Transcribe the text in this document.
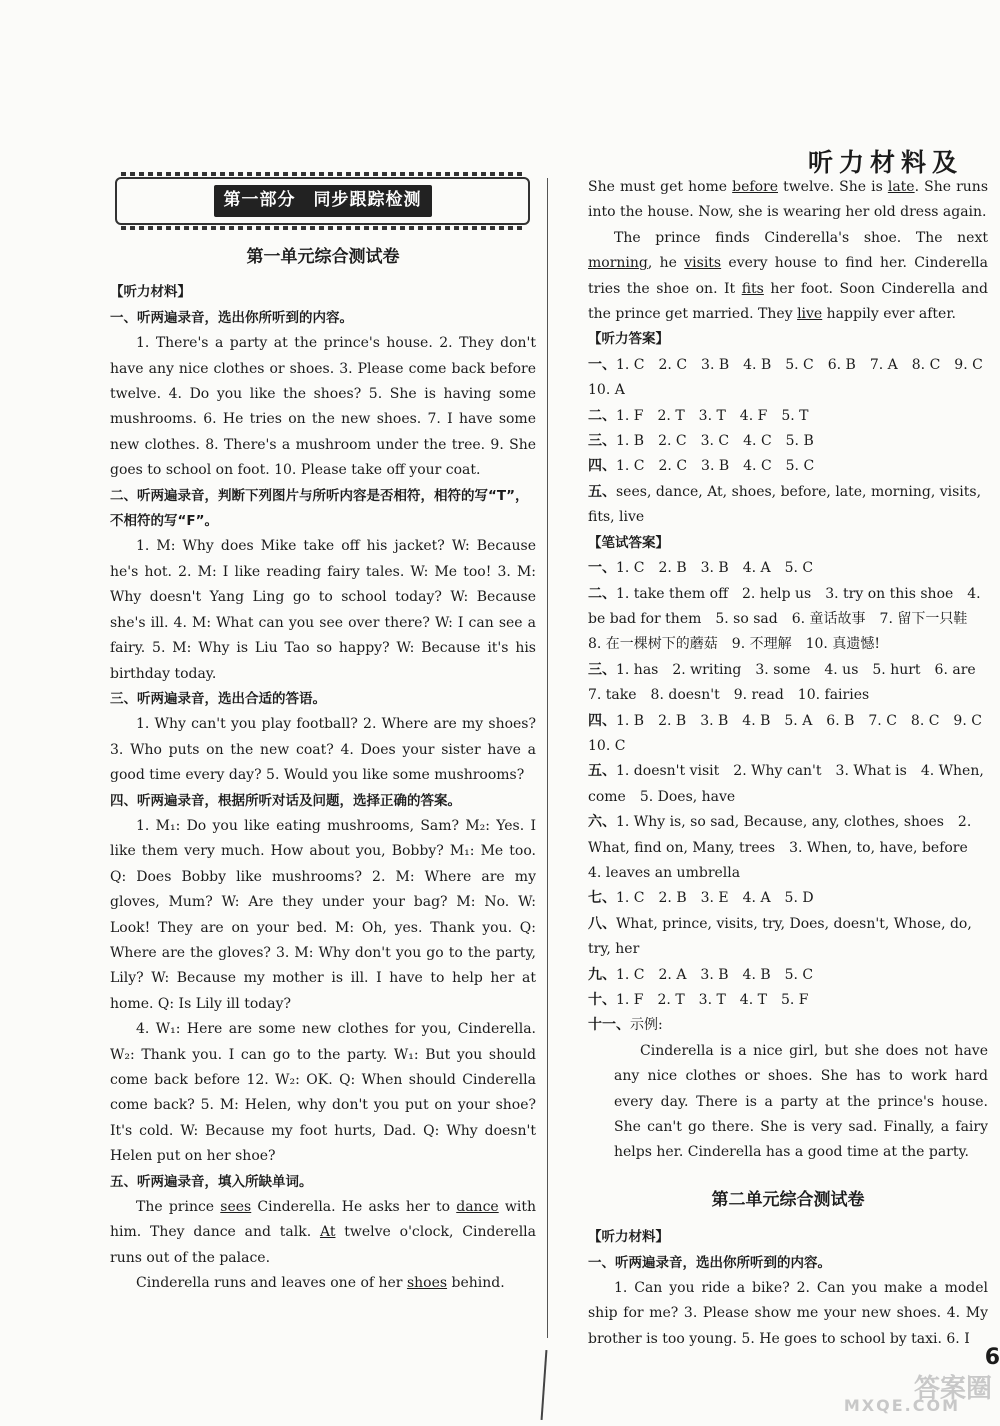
听力材料及
第一部分　同步跟踪检测
第一单元综合测试卷
【听力材料】
一、听两遍录音，选出你所听到的内容。

1. There's a party at the prince's house. 2. They don't have any nice clothes or shoes. 3. Please come back before twelve. 4. Do you like the shoes? 5. She is having some mushrooms. 6. He tries on the new shoes. 7. I have some new clothes. 8. There's a mushroom under the tree. 9. She goes to school on foot. 10. Please take off your coat.

二、听两遍录音，判断下列图片与所听内容是否相符，相符的写“T”，不相符的写“F”。

1. M: Why does Mike take off his jacket? W: Because he's hot. 2. M: I like reading fairy tales. W: Me too! 3. M: Why doesn't Yang Ling go to school today? W: Because she's ill. 4. M: What can you see over there? W: I can see a fairy. 5. M: Why is Liu Tao so happy? W: Because it's his birthday today.

三、听两遍录音，选出合适的答语。

1. Why can't you play football? 2. Where are my shoes? 3. Who puts on the new coat? 4. Does your sister have a good time every day? 5. Would you like some mushrooms?

四、听两遍录音，根据所听对话及问题，选择正确的答案。

1. M₁: Do you like eating mushrooms, Sam? M₂: Yes. I like them very much. How about you, Bobby? M₁: Me too. Q: Does Bobby like mushrooms? 2. M: Where are my gloves, Mum? W: Are they under your bag? M: No. W: Look! They are on your bed. M: Oh, yes. Thank you. Q: Where are the gloves? 3. M: Why don't you go to the party, Lily? W: Because my mother is ill. I have to help her at home. Q: Is Lily ill today?

4. W₁: Here are some new clothes for you, Cinderella. W₂: Thank you. I can go to the party. W₁: But you should come back before 12. W₂: OK. Q: When should Cinderella come back? 5. M: Helen, why don't you put on your shoe? It's cold. W: Because my foot hurts, Dad. Q: Why doesn't Helen put on her shoe?

五、听两遍录音，填入所缺单词。

The prince sees Cinderella. He asks her to dance with him. They dance and talk. At twelve o'clock, Cinderella runs out of the palace.

Cinderella runs and leaves one of her shoes behind.

She must get home before twelve. She is late. She runs into the house. Now, she is wearing her old dress again.

The prince finds Cinderella's shoe. The next morning, he visits every house to find her. Cinderella tries the shoe on. It fits her foot. Soon Cinderella and the prince get married. They live happily ever after.

【听力答案】

一、1. C　2. C　3. B　4. B　5. C　6. B　7. A　8. C　9. C　10. A

二、1. F　2. T　3. T　4. F　5. T

三、1. B　2. C　3. C　4. C　5. B

四、1. C　2. C　3. B　4. C　5. C

五、sees, dance, At, shoes, before, late, morning, visits, fits, live

【笔试答案】

一、1. C　2. B　3. B　4. A　5. C

二、1. take them off　2. help us　3. try on this shoe　4. be bad for them　5. so sad　6. 童话故事　7. 留下一只鞋　8. 在一棵树下的蘑菇　9. 不理解　10. 真遗憾!

三、1. has　2. writing　3. some　4. us　5. hurt　6. are　7. take　8. doesn't　9. read　10. fairies

四、1. B　2. B　3. B　4. B　5. A　6. B　7. C　8. C　9. C　10. C

五、1. doesn't visit　2. Why can't　3. What is　4. When, come　5. Does, have

六、1. Why is, so sad, Because, any, clothes, shoes　2. What, find on, Many, trees　3. When, to, have, before　4. leaves an umbrella

七、1. C　2. B　3. E　4. A　5. D

八、What, prince, visits, try, Does, doesn't, Whose, do, try, her

九、1. C　2. A　3. B　4. B　5. C

十、1. F　2. T　3. T　4. T　5. F

十一、示例:

Cinderella is a nice girl, but she does not have any nice clothes or shoes. She has to work hard every day. There is a party at the prince's house. She can't go there. She is very sad. Finally, a fairy helps her. Cinderella has a good time at the party.

第二单元综合测试卷
【听力材料】
一、听两遍录音，选出你所听到的内容。

1. Can you ride a bike? 2. Can you make a model ship for me? 3. Please show me your new shoes. 4. My brother is too young. 5. He goes to school by taxi. 6. I

6
答案圈
MXQE.COM
